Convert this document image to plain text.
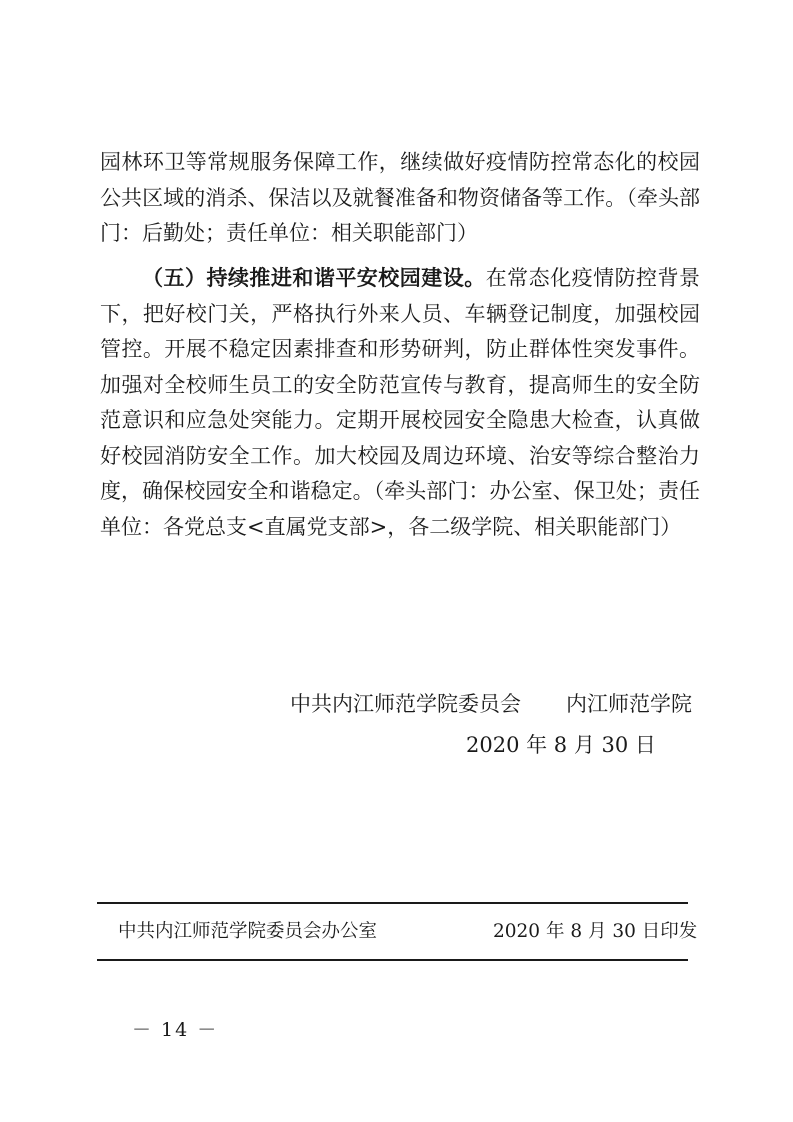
园林环卫等常规服务保障工作，继续做好疫情防控常态化的校园公共区域的消杀、保洁以及就餐准备和物资储备等工作。（牵头部门：后勤处；责任单位：相关职能部门）

（五）持续推进和谐平安校园建设。在常态化疫情防控背景下，把好校门关，严格执行外来人员、车辆登记制度，加强校园管控。开展不稳定因素排查和形势研判，防止群体性突发事件。加强对全校师生员工的安全防范宣传与教育，提高师生的安全防范意识和应急处突能力。定期开展校园安全隐患大检查，认真做好校园消防安全工作。加大校园及周边环境、治安等综合整治力度，确保校园安全和谐稳定。（牵头部门：办公室、保卫处；责任单位：各党总支<直属党支部>，各二级学院、相关职能部门）

中共内江师范学院委员会 内江师范学院
2020 年 8 月 30 日
中共内江师范学院委员会办公室	2020 年 8 月 30 日印发
－ 14 －
